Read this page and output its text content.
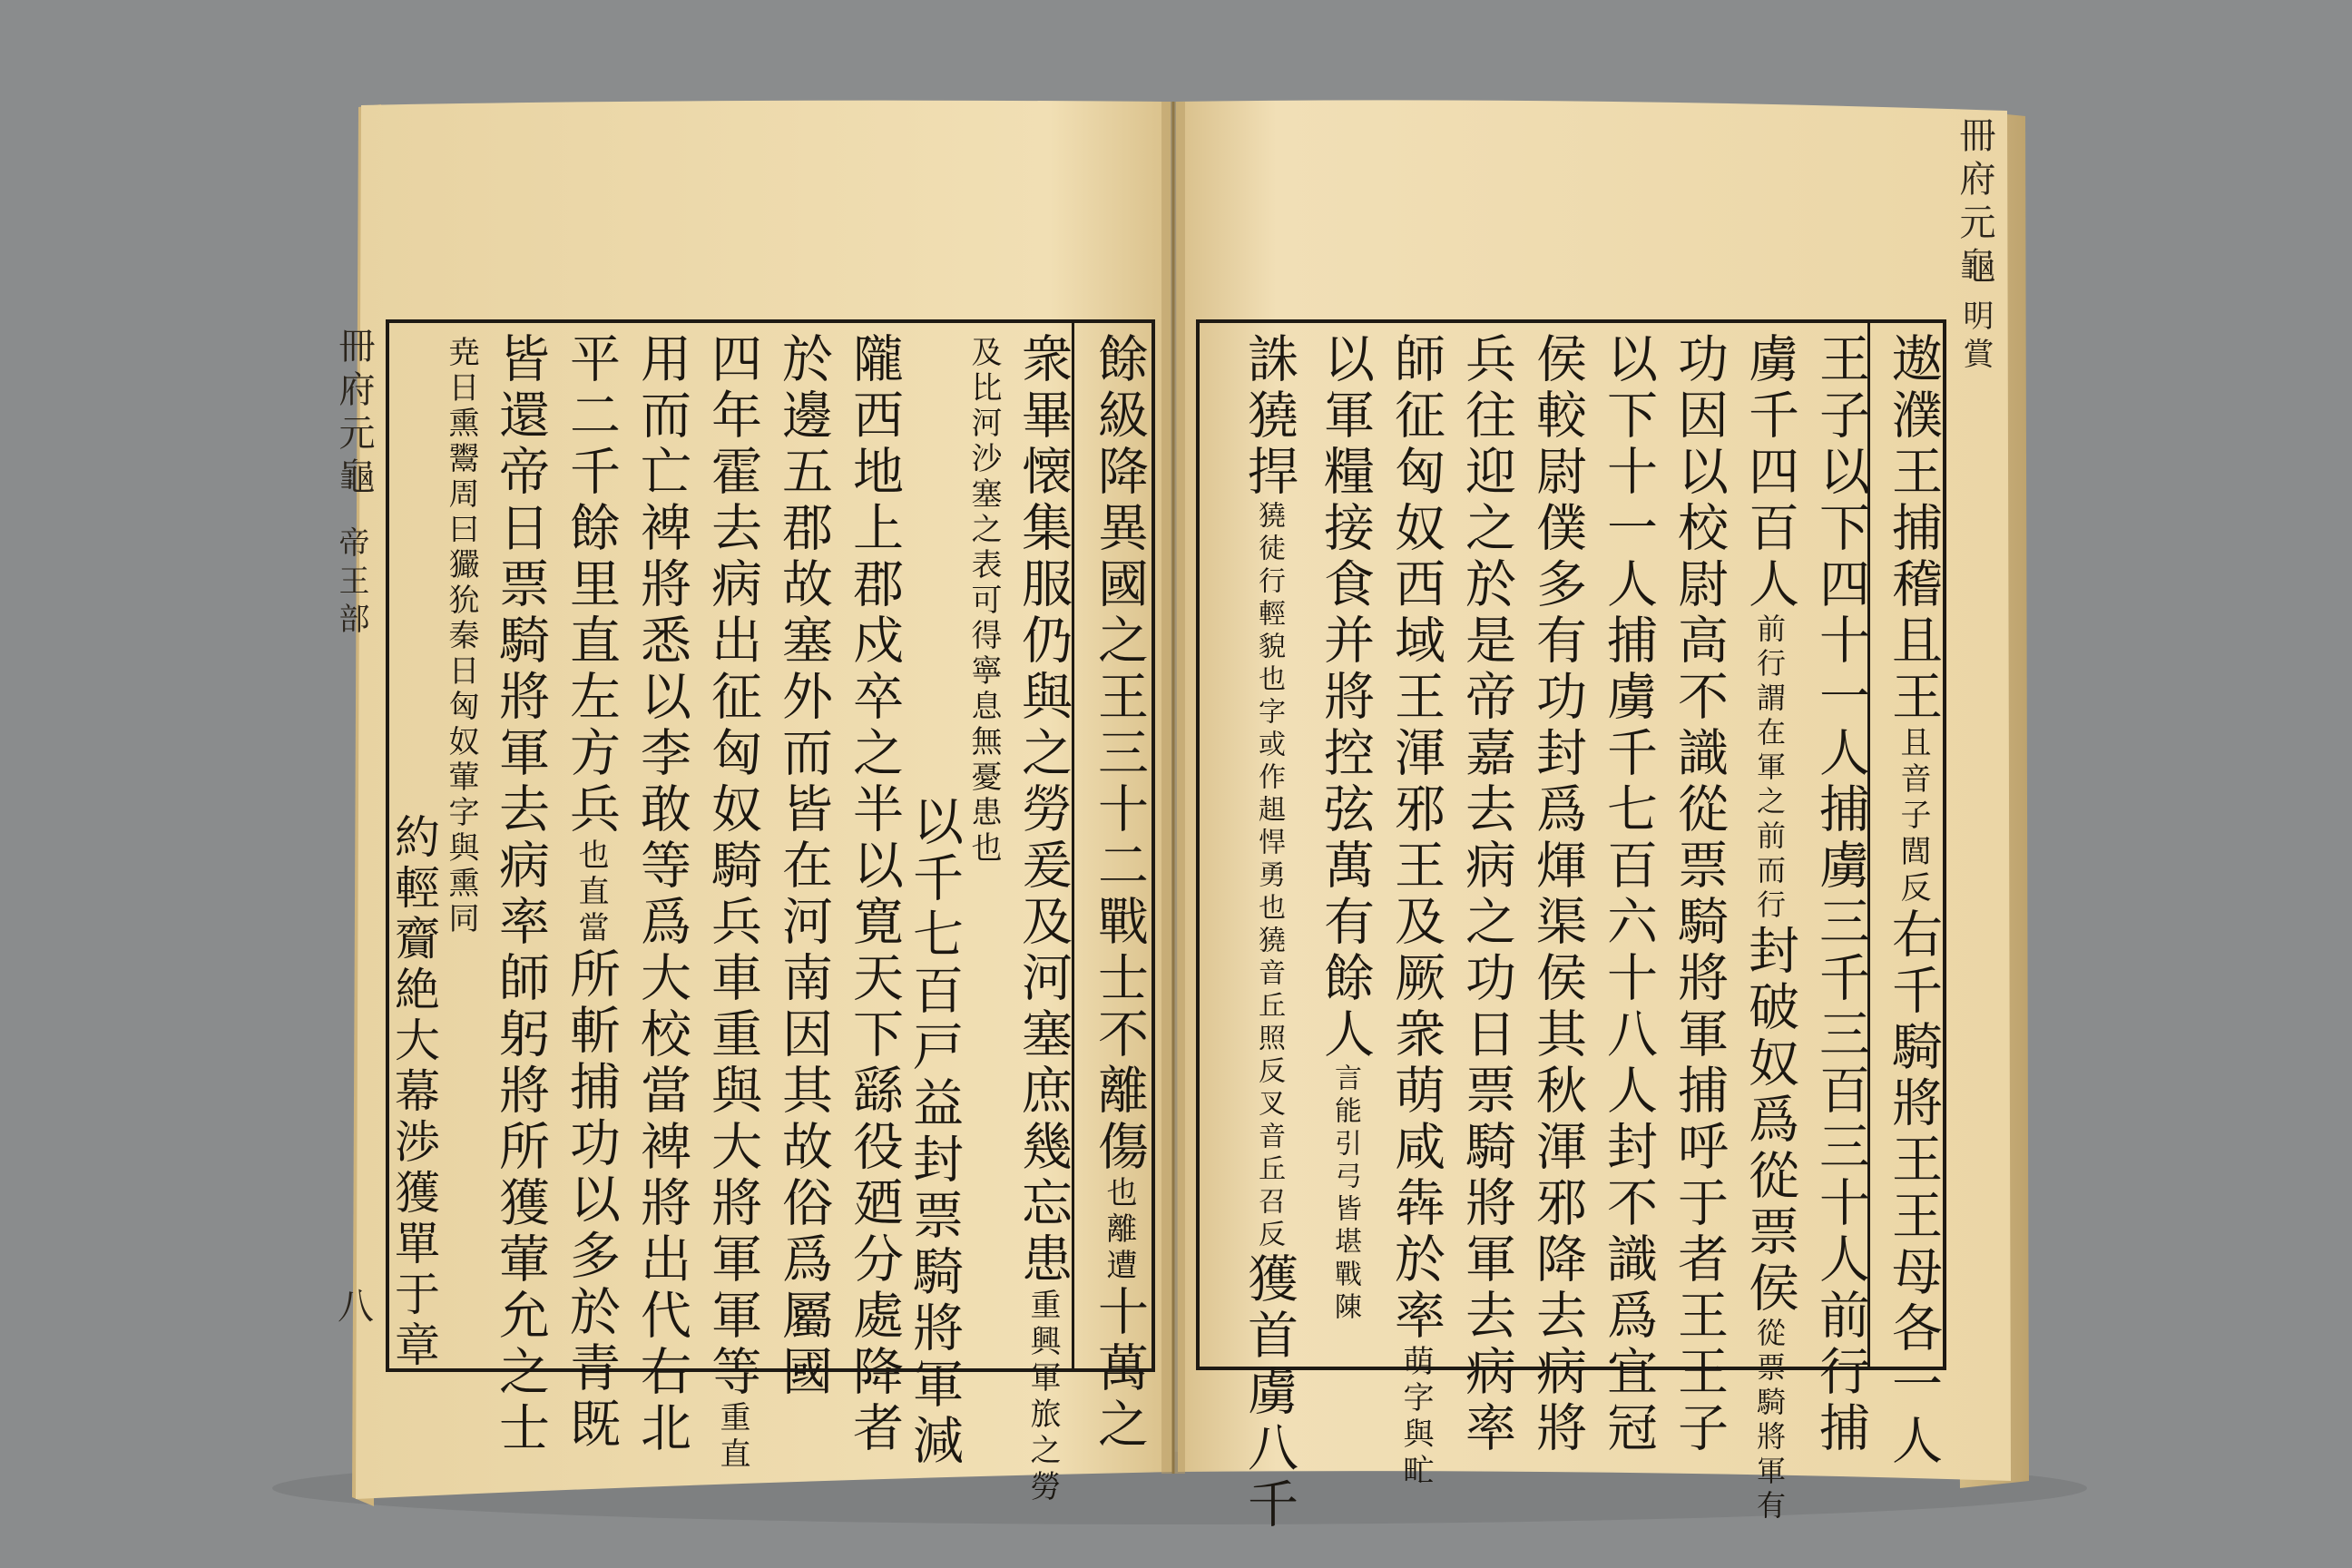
餘級降異國之王三十二戰士不離傷也離遭十萬之
衆畢懐集服仍與之勞爰及河塞庶幾忘患重興軍旅之勞
及比河沙塞之表可得寧息無憂患也
以千七百戸益封票騎將軍減
隴西地上郡戍卒之半以寛天下繇役廼分處降者
於邊五郡故塞外而皆在河南因其故俗爲屬國
四年霍去病出征匈奴騎兵車重與大將軍軍等重直
用而亡裨將悉以李敢等爲大校當裨將出代右北
平二千餘里直左方兵也直當所斬捕功以多於青既
皆還帝日票騎將軍去病率師躬將所獲葷允之士
尭日熏鬻周曰玁狁秦日匈奴葷字與熏同
約輕齎絶大幕渉獲單于章
冊府元龜
帝王部
八
遨濮王捕稽且王且音子閭反右千騎將王王母各一人
王子以下四十一人捕虜三千三百三十人前行捕
虜千四百人前行謂在軍之前而行封破奴爲從票侯從票騎將軍有
功因以校尉高不識從票騎將軍捕呼于者王王子
以下十一人捕虜千七百六十八人封不識爲宜冠
侯較尉僕多有功封爲煇渠侯其秋渾邪降去病將
兵往迎之於是帝嘉去病之功日票騎將軍去病率
師征匈奴西域王渾邪王及厥衆萌咸犇於率萌字與甿
以軍糧接食并將控弦萬有餘人言能引弓皆堪戰陳
誅獟捍獟徒行輕貌也字或作趄悍勇也獟音丘照反叉音丘召反獲首虜八千
冊府元龜
明賞
